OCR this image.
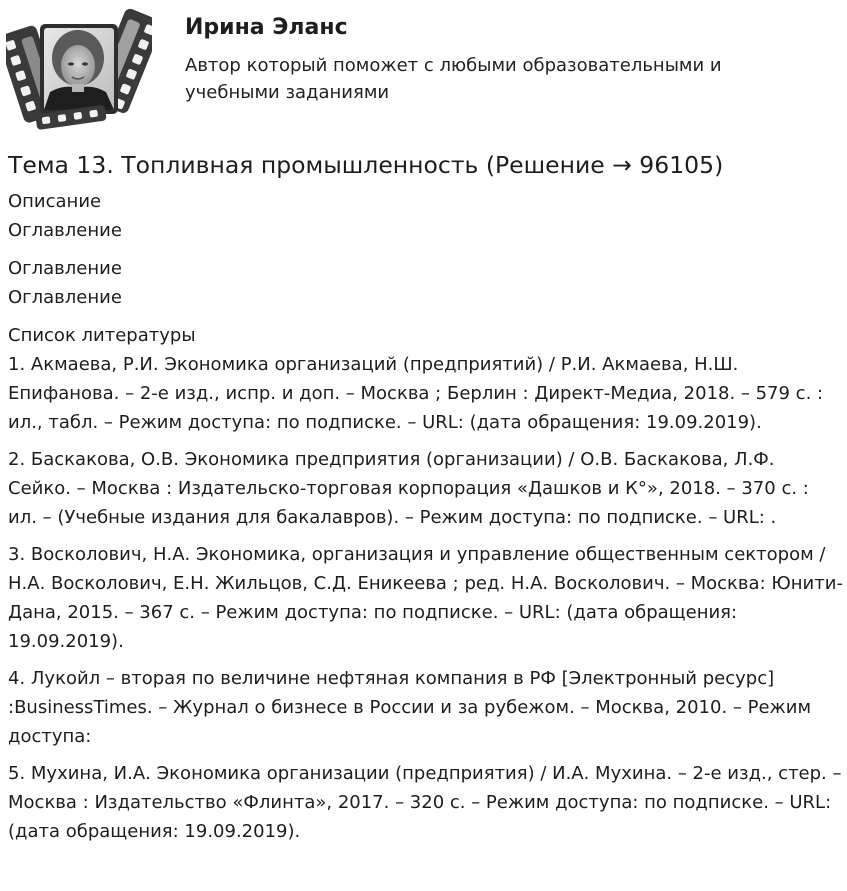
Ирина Эланс
Автор который поможет с любыми образовательными и учебными заданиями
Тема 13. Топливная промышленность (Решение → 96105)

Описание

Оглавление

Оглавление

Оглавление

Список литературы

1. Акмаева, Р.И. Экономика организаций (предприятий) / Р.И. Акмаева, Н.Ш. Епифанова. – 2-е изд., испр. и доп. – Москва ; Берлин : Директ-Медиа, 2018. – 579 с. : ил., табл. – Режим доступа: по подписке. – URL: (дата обращения: 19.09.2019).

2. Баскакова, О.В. Экономика предприятия (организации) / О.В. Баскакова, Л.Ф. Сейко. – Москва : Издательско-торговая корпорация «Дашков и К°», 2018. – 370 с. : ил. – (Учебные издания для бакалавров). – Режим доступа: по подписке. – URL: .

3. Восколович, Н.А. Экономика, организация и управление общественным сектором / Н.А. Восколович, Е.Н. Жильцов, С.Д. Еникеева ; ред. Н.А. Восколович. – Москва: Юнити-Дана, 2015. – 367 с. – Режим доступа: по подписке. – URL: (дата обращения: 19.09.2019).

4. Лукойл – вторая по величине нефтяная компания в РФ [Электронный ресурс] :BusinessTimes. – Журнал о бизнесе в России и за рубежом. – Москва, 2010. – Режим доступа:

5. Мухина, И.А. Экономика организации (предприятия) / И.А. Мухина. – 2-е изд., стер. – Москва : Издательство «Флинта», 2017. – 320 с. – Режим доступа: по подписке. – URL: (дата обращения: 19.09.2019).
